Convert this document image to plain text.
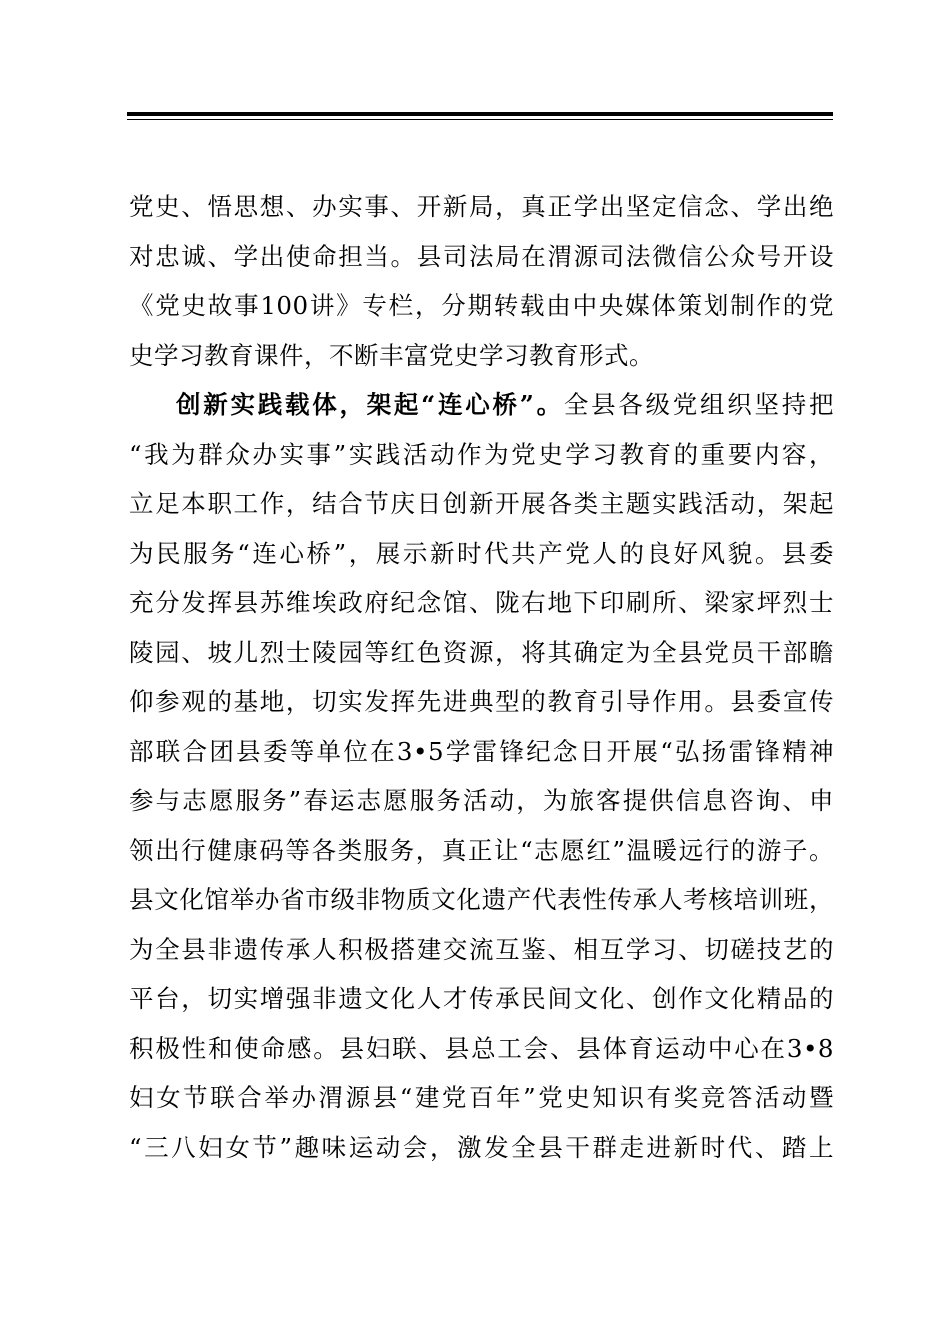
党史、悟思想、办实事、开新局，真正学出坚定信念、学出绝
对忠诚、学出使命担当。县司法局在渭源司法微信公众号开设
《党史故事100讲》专栏，分期转载由中央媒体策划制作的党
史学习教育课件，不断丰富党史学习教育形式。
创新实践载体，架起“连心桥”。全县各级党组织坚持把
“我为群众办实事”实践活动作为党史学习教育的重要内容，
立足本职工作，结合节庆日创新开展各类主题实践活动，架起
为民服务“连心桥”，展示新时代共产党人的良好风貌。县委
充分发挥县苏维埃政府纪念馆、陇右地下印刷所、梁家坪烈士
陵园、坡儿烈士陵园等红色资源，将其确定为全县党员干部瞻
仰参观的基地，切实发挥先进典型的教育引导作用。县委宣传
部联合团县委等单位在3•5学雷锋纪念日开展“弘扬雷锋精神
参与志愿服务”春运志愿服务活动，为旅客提供信息咨询、申
领出行健康码等各类服务，真正让“志愿红”温暖远行的游子。
县文化馆举办省市级非物质文化遗产代表性传承人考核培训班，
为全县非遗传承人积极搭建交流互鉴、相互学习、切磋技艺的
平台，切实增强非遗文化人才传承民间文化、创作文化精品的
积极性和使命感。县妇联、县总工会、县体育运动中心在3•8
妇女节联合举办渭源县“建党百年”党史知识有奖竞答活动暨
“三八妇女节”趣味运动会，激发全县干群走进新时代、踏上
